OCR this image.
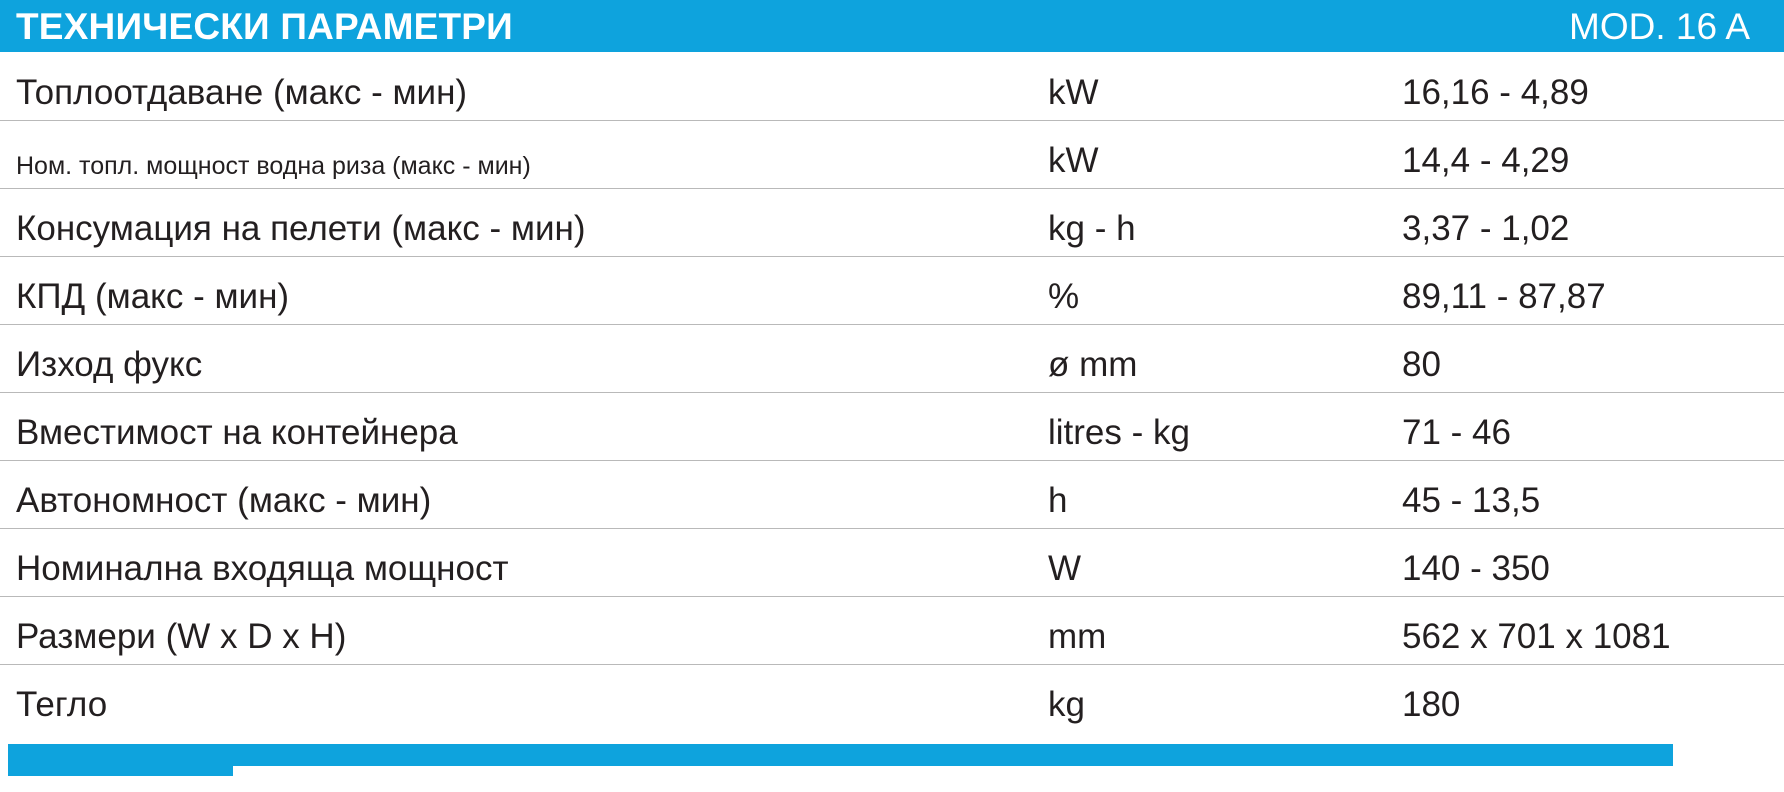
ТЕХНИЧЕСКИ ПАРАМЕТРИ	MOD. 16 A
Топлоотдаване (макс - мин)	kW	16,16 - 4,89

Ном. топл. мощност водна риза (макс - мин)	kW	14,4 - 4,29

Консумация на пелети (макс - мин)	kg - h	3,37 - 1,02

КПД (макс - мин)	%	89,11 - 87,87

Изход фукс	ø mm	80

Вместимост на контейнера	litres - kg	71 - 46

Автономност (макс - мин)	h	45 - 13,5

Номинална входяща мощност	W	140 - 350

Размери (W x D x H)	mm	562 x 701 x 1081

Тегло	kg	180
